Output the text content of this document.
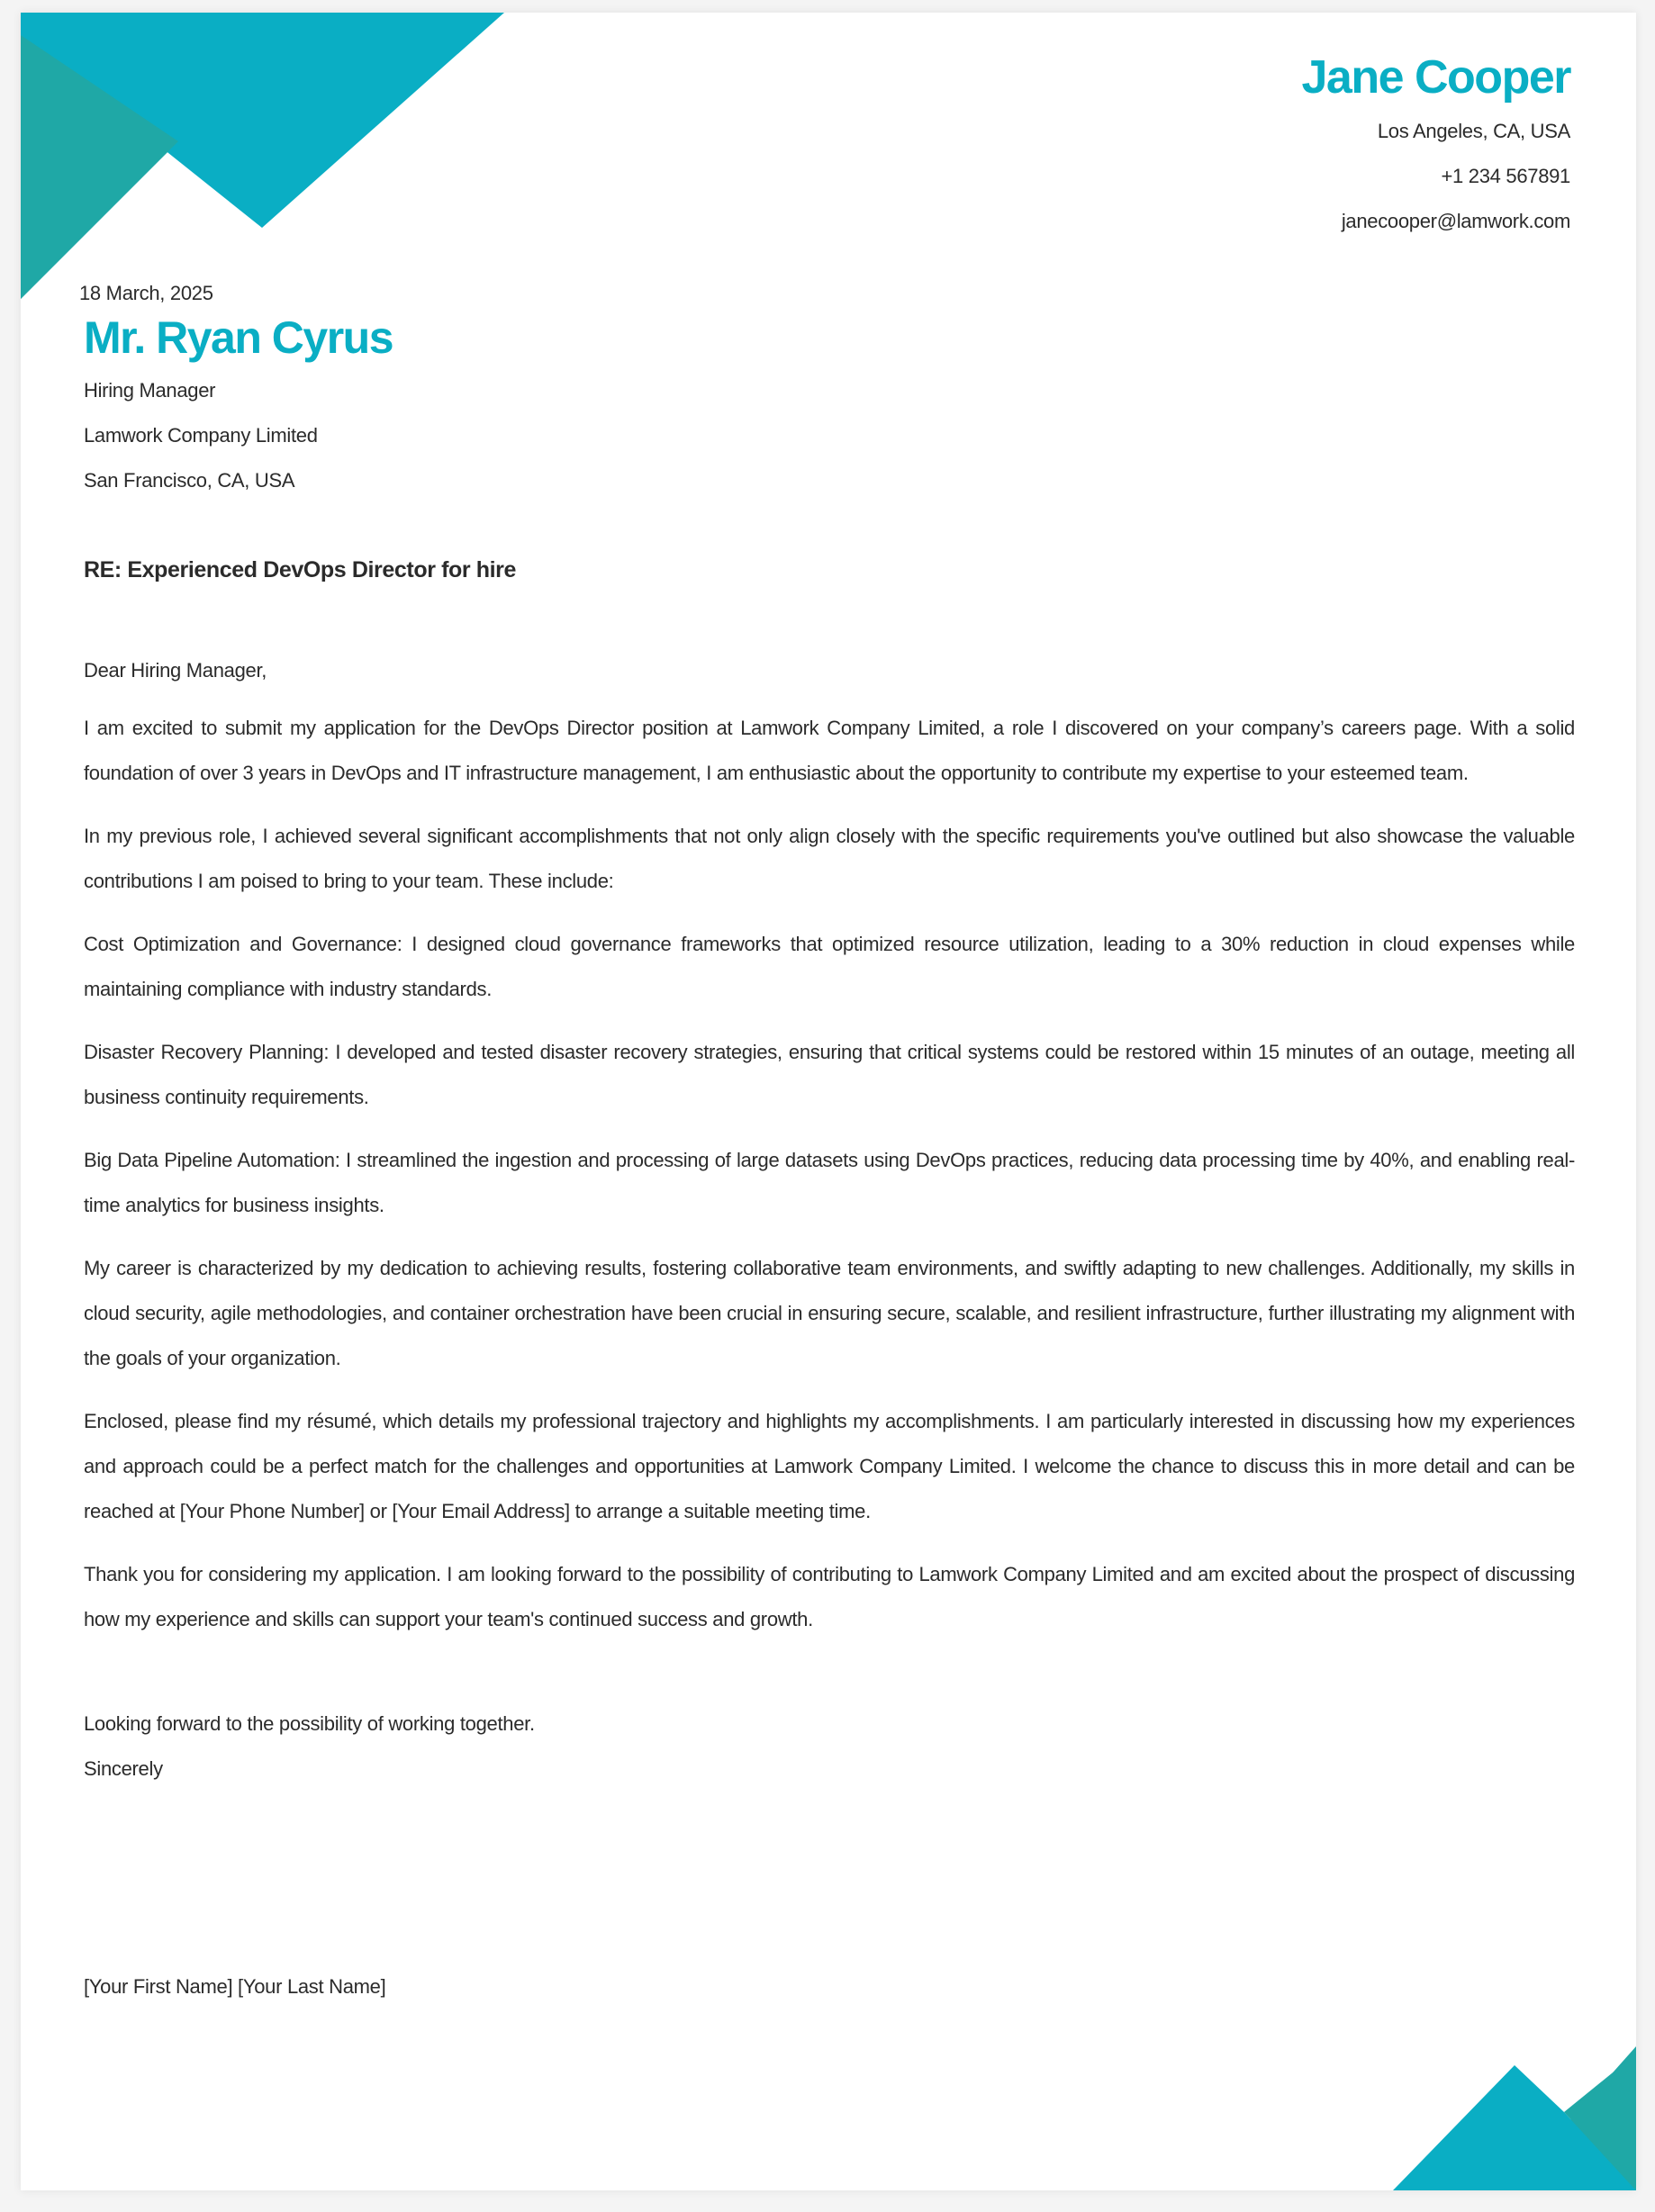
Jane Cooper
Los Angeles, CA, USA
+1 234 567891
janecooper@lamwork.com
18 March, 2025
Mr. Ryan Cyrus
Hiring Manager
Lamwork Company Limited
San Francisco, CA, USA
RE: Experienced DevOps Director for hire
Dear Hiring Manager,

I am excited to submit my application for the DevOps Director position at Lamwork Company Limited, a role I discovered on your company’s careers page. With a solid foundation of over 3 years in DevOps and IT infrastructure management, I am enthusiastic about the opportunity to contribute my expertise to your esteemed team.

In my previous role, I achieved several significant accomplishments that not only align closely with the specific requirements you've outlined but also showcase the valuable contributions I am poised to bring to your team. These include:

Cost Optimization and Governance: I designed cloud governance frameworks that optimized resource utilization, leading to a 30% reduction in cloud expenses while maintaining compliance with industry standards.

Disaster Recovery Planning: I developed and tested disaster recovery strategies, ensuring that critical systems could be restored within 15 minutes of an outage, meeting all business continuity requirements.

Big Data Pipeline Automation: I streamlined the ingestion and processing of large datasets using DevOps practices, reducing data processing time by 40%, and enabling real-time analytics for business insights.

My career is characterized by my dedication to achieving results, fostering collaborative team environments, and swiftly adapting to new challenges. Additionally, my skills in cloud security, agile methodologies, and container orchestration have been crucial in ensuring secure, scalable, and resilient infrastructure, further illustrating my alignment with the goals of your organization.

Enclosed, please find my résumé, which details my professional trajectory and highlights my accomplishments. I am particularly interested in discussing how my experiences and approach could be a perfect match for the challenges and opportunities at Lamwork Company Limited. I welcome the chance to discuss this in more detail and can be reached at [Your Phone Number] or [Your Email Address] to arrange a suitable meeting time.

Thank you for considering my application. I am looking forward to the possibility of contributing to Lamwork Company Limited and am excited about the prospect of discussing how my experience and skills can support your team's continued success and growth.

Looking forward to the possibility of working together.
Sincerely
[Your First Name] [Your Last Name]
